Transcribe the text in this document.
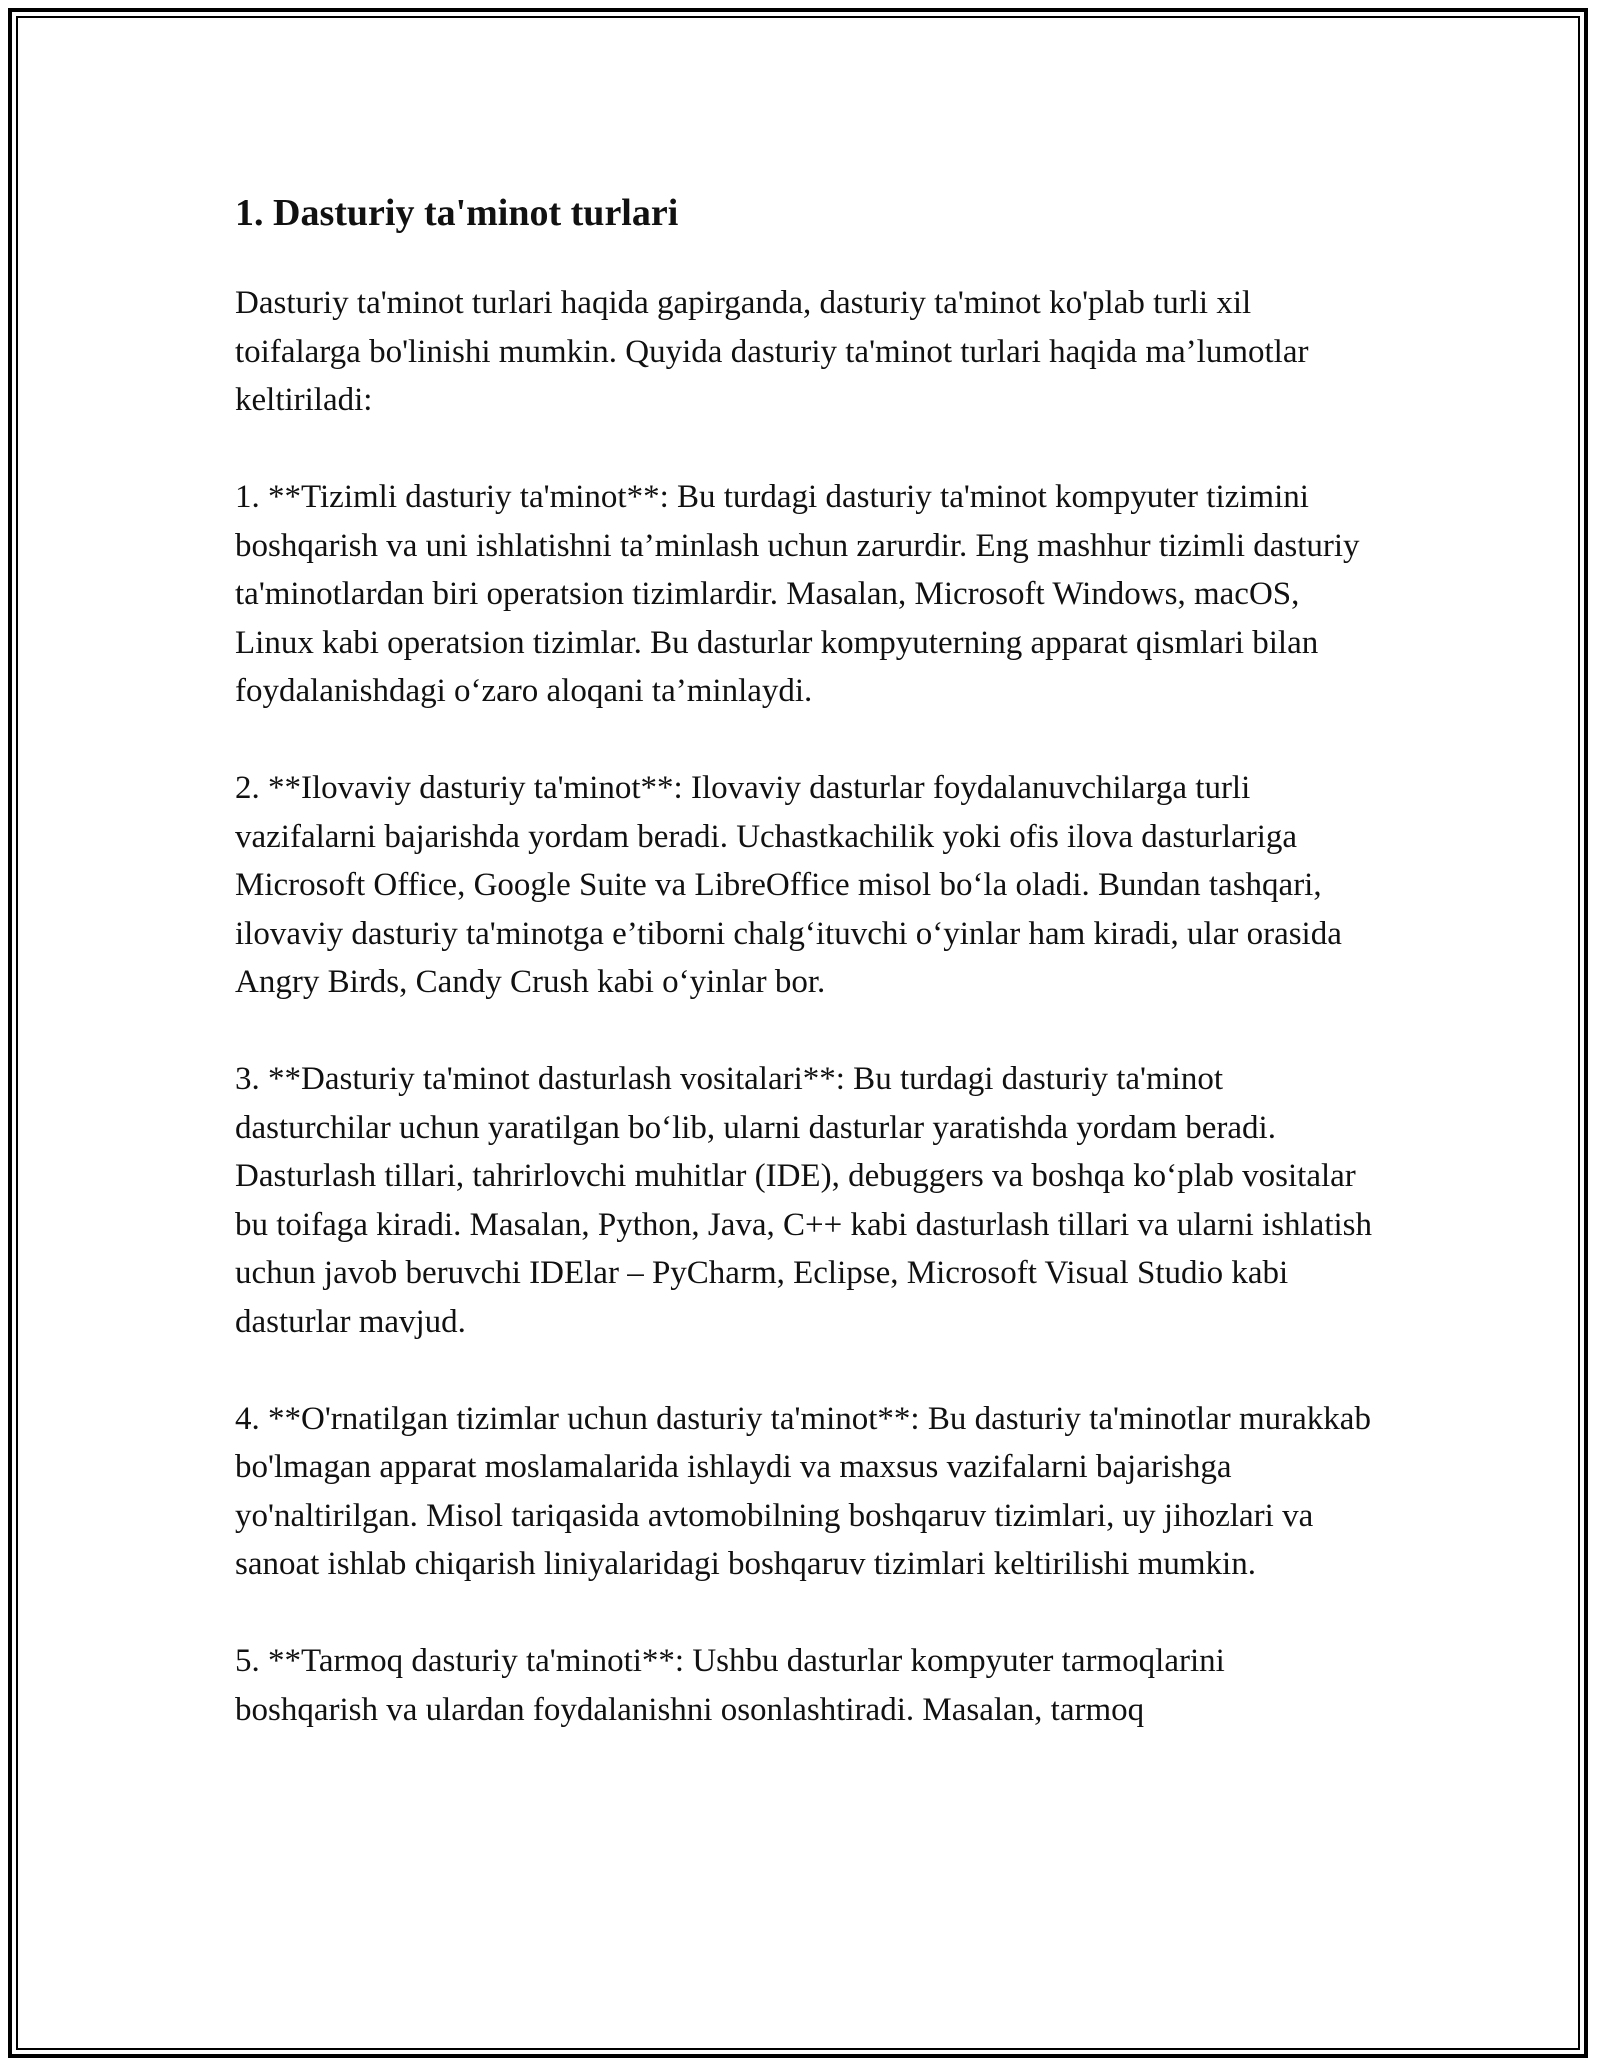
1. Dasturiy ta'minot turlari

Dasturiy ta'minot turlari haqida gapirganda, dasturiy ta'minot ko'plab turli xil toifalarga bo'linishi mumkin. Quyida dasturiy ta'minot turlari haqida ma’lumotlar keltiriladi:

1. **Tizimli dasturiy ta'minot**: Bu turdagi dasturiy ta'minot kompyuter tizimini boshqarish va uni ishlatishni ta’minlash uchun zarurdir. Eng mashhur tizimli dasturiy ta'minotlardan biri operatsion tizimlardir. Masalan, Microsoft Windows, macOS, Linux kabi operatsion tizimlar. Bu dasturlar kompyuterning apparat qismlari bilan foydalanishdagi o‘zaro aloqani ta’minlaydi.

2. **Ilovaviy dasturiy ta'minot**: Ilovaviy dasturlar foydalanuvchilarga turli vazifalarni bajarishda yordam beradi. Uchastkachilik yoki ofis ilova dasturlariga Microsoft Office, Google Suite va LibreOffice misol bo‘la oladi. Bundan tashqari, ilovaviy dasturiy ta'minotga e’tiborni chalg‘ituvchi o‘yinlar ham kiradi, ular orasida Angry Birds, Candy Crush kabi o‘yinlar bor.

3. **Dasturiy ta'minot dasturlash vositalari**: Bu turdagi dasturiy ta'minot dasturchilar uchun yaratilgan bo‘lib, ularni dasturlar yaratishda yordam beradi. Dasturlash tillari, tahrirlovchi muhitlar (IDE), debuggers va boshqa ko‘plab vositalar bu toifaga kiradi. Masalan, Python, Java, C++ kabi dasturlash tillari va ularni ishlatish uchun javob beruvchi IDElar – PyCharm, Eclipse, Microsoft Visual Studio kabi dasturlar mavjud.

4. **O'rnatilgan tizimlar uchun dasturiy ta'minot**: Bu dasturiy ta'minotlar murakkab bo'lmagan apparat moslamalarida ishlaydi va maxsus vazifalarni bajarishga yo'naltirilgan. Misol tariqasida avtomobilning boshqaruv tizimlari, uy jihozlari va sanoat ishlab chiqarish liniyalaridagi boshqaruv tizimlari keltirilishi mumkin.

5. **Tarmoq dasturiy ta'minoti**: Ushbu dasturlar kompyuter tarmoqlarini boshqarish va ulardan foydalanishni osonlashtiradi. Masalan, tarmoq
